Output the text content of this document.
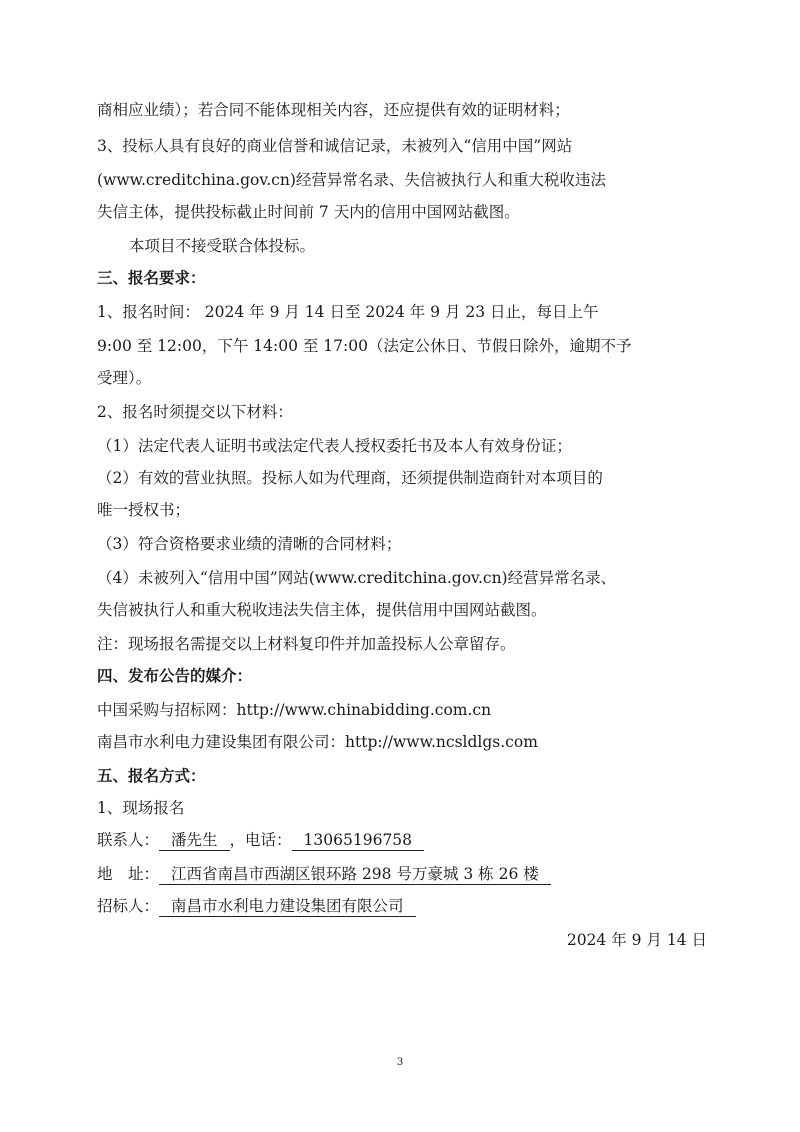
商相应业绩）；若合同不能体现相关内容，还应提供有效的证明材料；
3、投标人具有良好的商业信誉和诚信记录，未被列入“信用中国”网站
(www.creditchina.gov.cn)经营异常名录、失信被执行人和重大税收违法
失信主体，提供投标截止时间前 7 天内的信用中国网站截图。
本项目不接受联合体投标。
三、报名要求：
1、报名时间： 2024 年 9 月 14 日至 2024 年 9 月 23 日止，每日上午
9:00 至 12:00，下午 14:00 至 17:00（法定公休日、节假日除外，逾期不予
受理）。
2、报名时须提交以下材料：
（1）法定代表人证明书或法定代表人授权委托书及本人有效身份证；
（2）有效的营业执照。投标人如为代理商，还须提供制造商针对本项目的
唯一授权书；
（3）符合资格要求业绩的清晰的合同材料；
（4）未被列入“信用中国”网站(www.creditchina.gov.cn)经营异常名录、
失信被执行人和重大税收违法失信主体，提供信用中国网站截图。
注：现场报名需提交以上材料复印件并加盖投标人公章留存。
四、发布公告的媒介：
中国采购与招标网：http://www.chinabidding.com.cn
南昌市水利电力建设集团有限公司：http://www.ncsldlgs.com
五、报名方式：
1、现场报名
联系人： 潘先生 ，电话： 13065196758
地　址： 江西省南昌市西湖区银环路 298 号万豪城 3 栋 26 楼
招标人： 南昌市水利电力建设集团有限公司
2024 年 9 月 14 日
3
